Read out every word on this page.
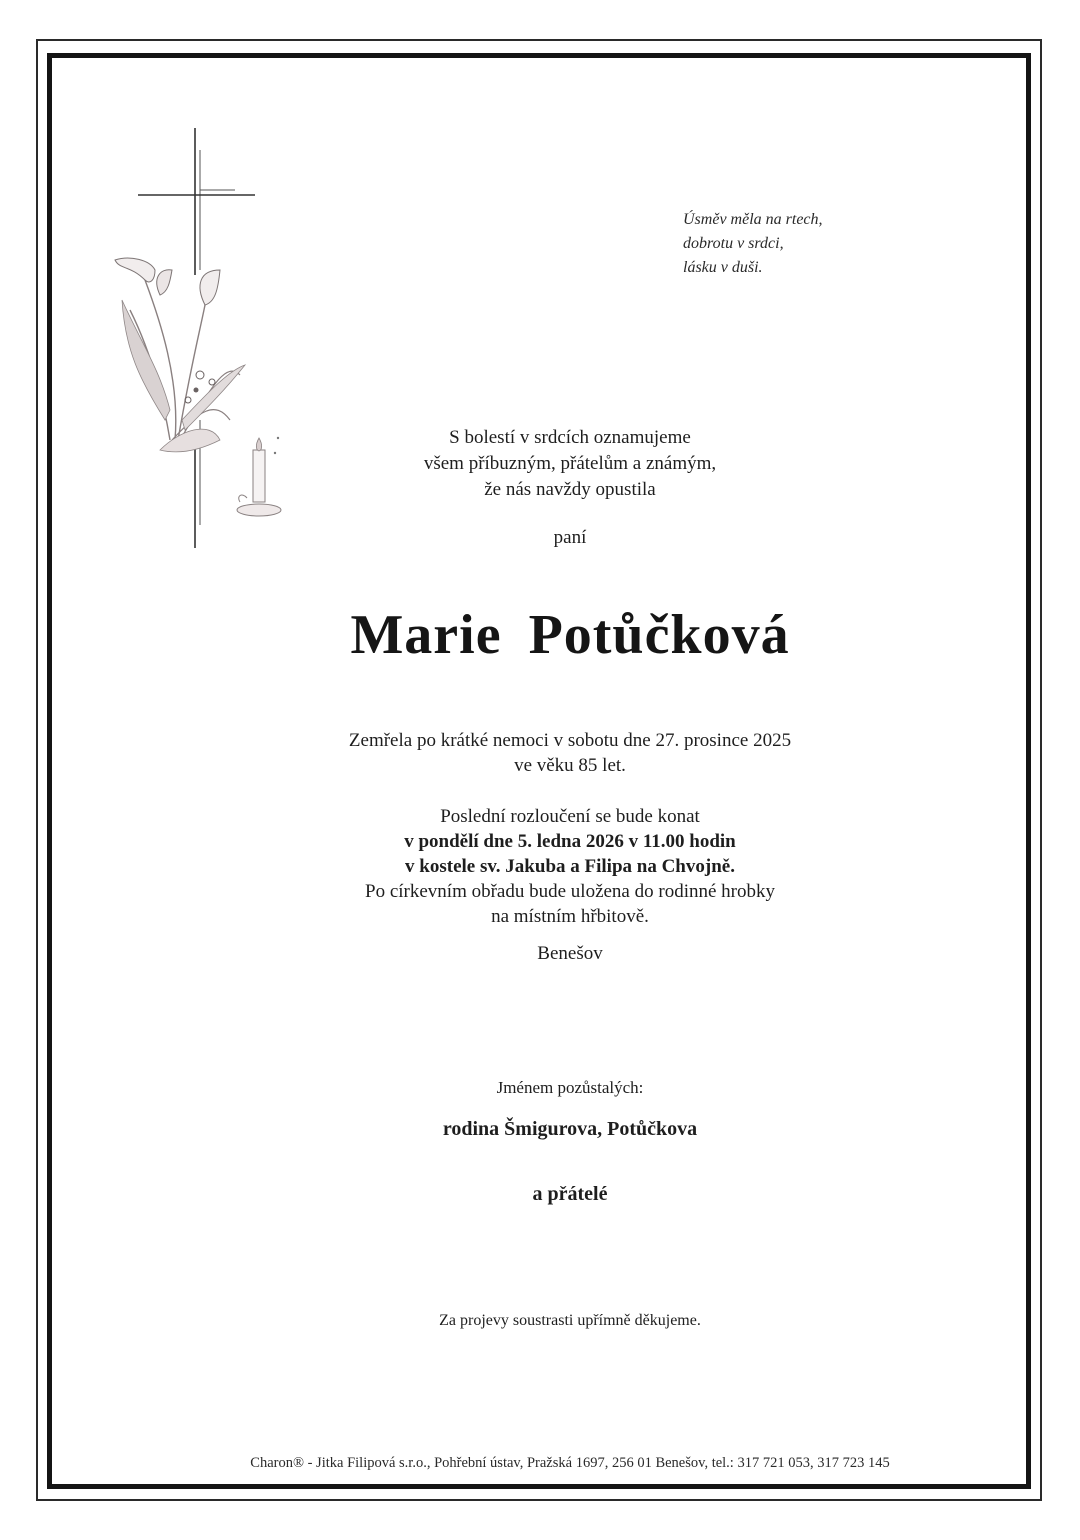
Úsměv měla na rtech,
dobrotu v srdci,
lásku v duši.
S bolestí v srdcích oznamujeme
všem příbuzným, přátelům a známým,
že nás navždy opustila
paní
Marie Potůčková
Zemřela po krátké nemoci v sobotu dne 27. prosince 2025
ve věku 85 let.
Poslední rozloučení se bude konat
v pondělí dne 5. ledna 2026 v 11.00 hodin
v kostele sv. Jakuba a Filipa na Chvojně.
Po církevním obřadu bude uložena do rodinné hrobky
na místním hřbitově.
Benešov
Jménem pozůstalých:
rodina Šmigurova, Potůčkova
a přátelé
Za projevy soustrasti upřímně děkujeme.
Charon® - Jitka Filipová s.r.o., Pohřební ústav, Pražská 1697, 256 01 Benešov, tel.: 317 721 053, 317 723 145
